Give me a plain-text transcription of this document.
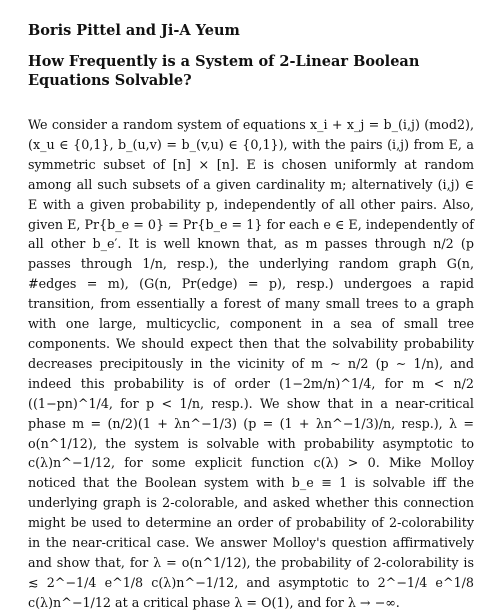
Boris Pittel and Ji-A Yeum
How Frequently is a System of 2-Linear Boolean Equations Solvable?

We consider a random system of equations x_i + x_j = b_(i,j) (mod2), (x_u ∈ {0,1}, b_(u,v) = b_(v,u) ∈ {0,1}), with the pairs (i,j) from E, a symmetric subset of [n] × [n]. E is chosen uniformly at random among all such subsets of a given cardinality m; alternatively (i,j) ∈ E with a given probability p, independently of all other pairs. Also, given E, Pr{b_e = 0} = Pr{b_e = 1} for each e ∈ E, independently of all other b_e′. It is well known that, as m passes through n/2 (p passes through 1/n, resp.), the underlying random graph G(n, #edges = m), (G(n, Pr(edge) = p), resp.) undergoes a rapid transition, from essentially a forest of many small trees to a graph with one large, multicyclic, component in a sea of small tree components. We should expect then that the solvability probability decreases precipitously in the vicinity of m ∼ n/2 (p ∼ 1/n), and indeed this probability is of order (1−2m/n)^1/4, for m < n/2 ((1−pn)^1/4, for p < 1/n, resp.). We show that in a near-critical phase m = (n/2)(1 + λn^−1/3) (p = (1 + λn^−1/3)/n, resp.), λ = o(n^1/12), the system is solvable with probability asymptotic to c(λ)n^−1/12, for some explicit function c(λ) > 0. Mike Molloy noticed that the Boolean system with b_e ≡ 1 is solvable iff the underlying graph is 2-colorable, and asked whether this connection might be used to determine an order of probability of 2-colorability in the near-critical case. We answer Molloy's question affirmatively and show that, for λ = o(n^1/12), the probability of 2-colorability is ≲ 2^−1/4 e^1/8 c(λ)n^−1/12, and asymptotic to 2^−1/4 e^1/8 c(λ)n^−1/12 at a critical phase λ = O(1), and for λ → −∞.
